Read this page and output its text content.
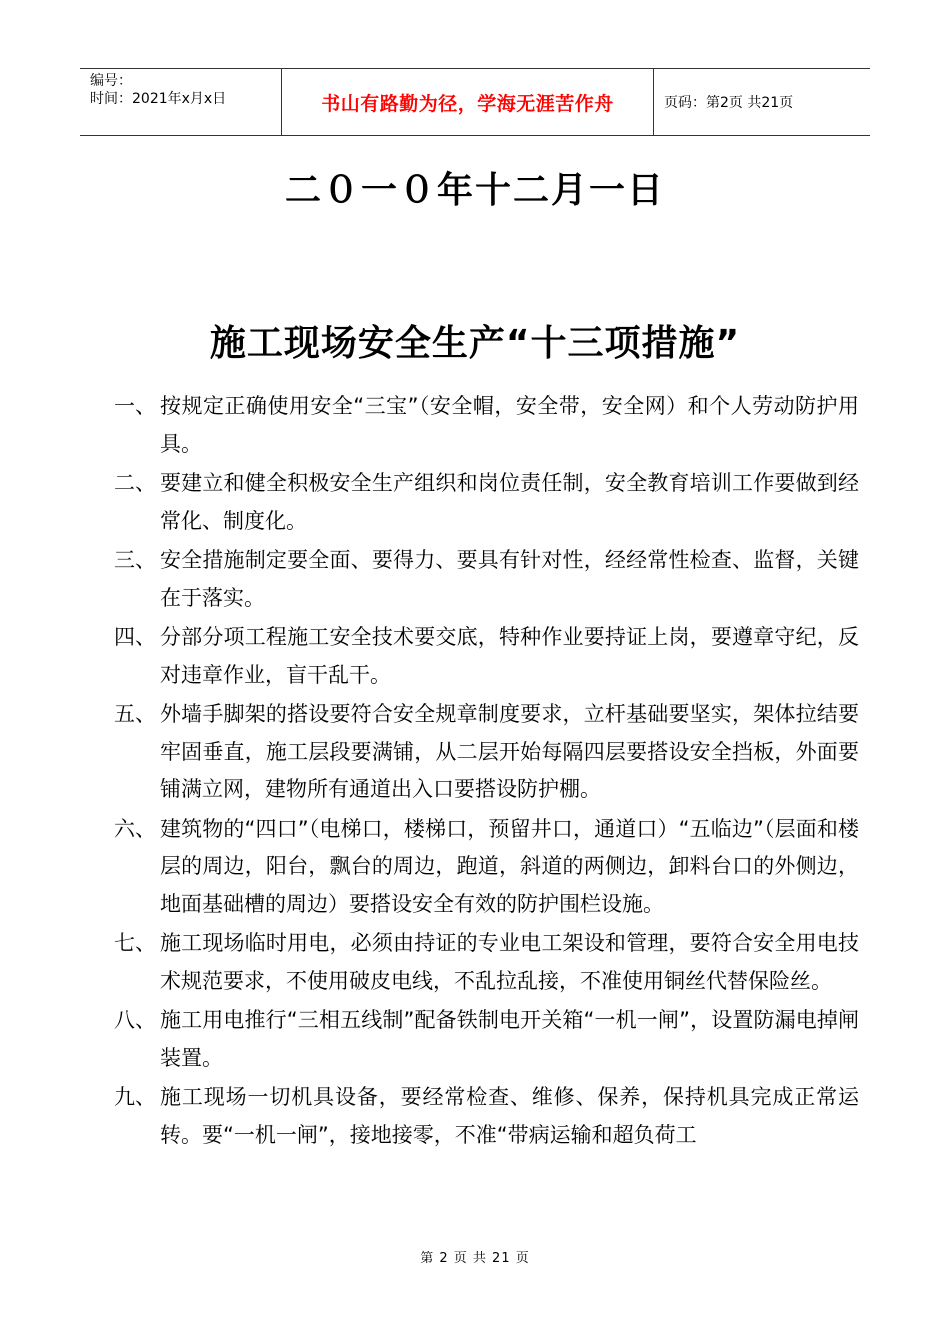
编号：
时间：2021年x月x日	书山有路勤为径，学海无涯苦作舟	页码：第2页 共21页
二０一０年十二月一日
施工现场安全生产“十三项措施”
一、 按规定正确使用安全“三宝”（安全帽，安全带，安全网）和个人劳动防护用具。
二、 要建立和健全积极安全生产组织和岗位责任制，安全教育培训工作要做到经常化、制度化。
三、 安全措施制定要全面、要得力、要具有针对性，经经常性检查、监督，关键在于落实。
四、 分部分项工程施工安全技术要交底，特种作业要持证上岗，要遵章守纪，反对违章作业，盲干乱干。
五、 外墙手脚架的搭设要符合安全规章制度要求，立杆基础要坚实，架体拉结要牢固垂直，施工层段要满铺，从二层开始每隔四层要搭设安全挡板，外面要铺满立网，建物所有通道出入口要搭设防护棚。
六、 建筑物的“四口”（电梯口，楼梯口，预留井口，通道口）“五临边”（层面和楼层的周边，阳台，飘台的周边，跑道，斜道的两侧边，卸料台口的外侧边，地面基础槽的周边）要搭设安全有效的防护围栏设施。
七、 施工现场临时用电，必须由持证的专业电工架设和管理，要符合安全用电技术规范要求，不使用破皮电线，不乱拉乱接，不准使用铜丝代替保险丝。
八、 施工用电推行“三相五线制”配备铁制电开关箱“一机一闸”，设置防漏电掉闸装置。
九、 施工现场一切机具设备，要经常检查、维修、保养，保持机具完成正常运转。要“一机一闸”，接地接零，不准“带病运输和超负荷工
第 2 页 共 21 页
